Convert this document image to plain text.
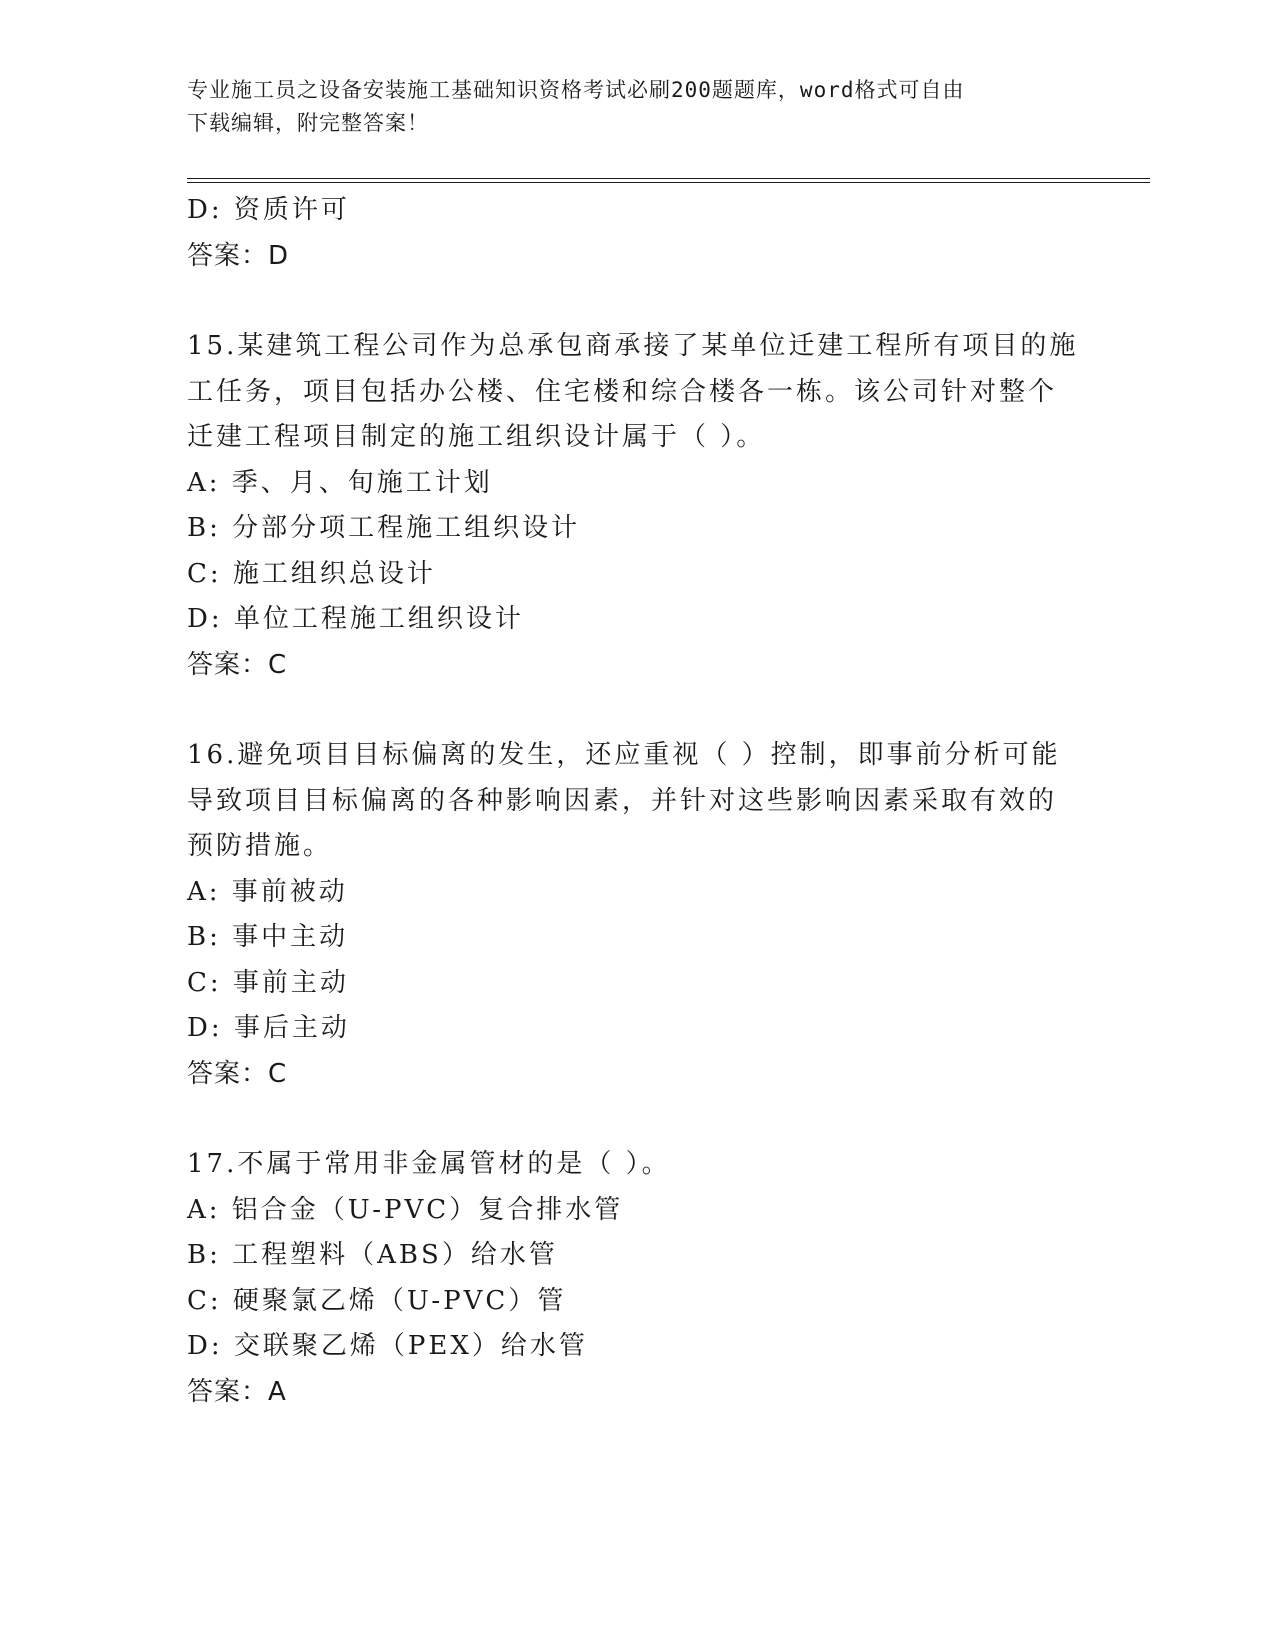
专业施工员之设备安装施工基础知识资格考试必刷200题题库，word格式可自由
下载编辑，附完整答案！
D: 资质许可
答案：D
15.某建筑工程公司作为总承包商承接了某单位迁建工程所有项目的施
工任务，项目包括办公楼、住宅楼和综合楼各一栋。该公司针对整个
迁建工程项目制定的施工组织设计属于（ ）。
A: 季、月、旬施工计划
B: 分部分项工程施工组织设计
C: 施工组织总设计
D: 单位工程施工组织设计
答案：C
16.避免项目目标偏离的发生，还应重视（ ）控制，即事前分析可能
导致项目目标偏离的各种影响因素，并针对这些影响因素采取有效的
预防措施。
A: 事前被动
B: 事中主动
C: 事前主动
D: 事后主动
答案：C
17.不属于常用非金属管材的是（ ）。
A: 铝合金（U-PVC）复合排水管
B: 工程塑料（ABS）给水管
C: 硬聚氯乙烯（U-PVC）管
D: 交联聚乙烯（PEX）给水管
答案：A
